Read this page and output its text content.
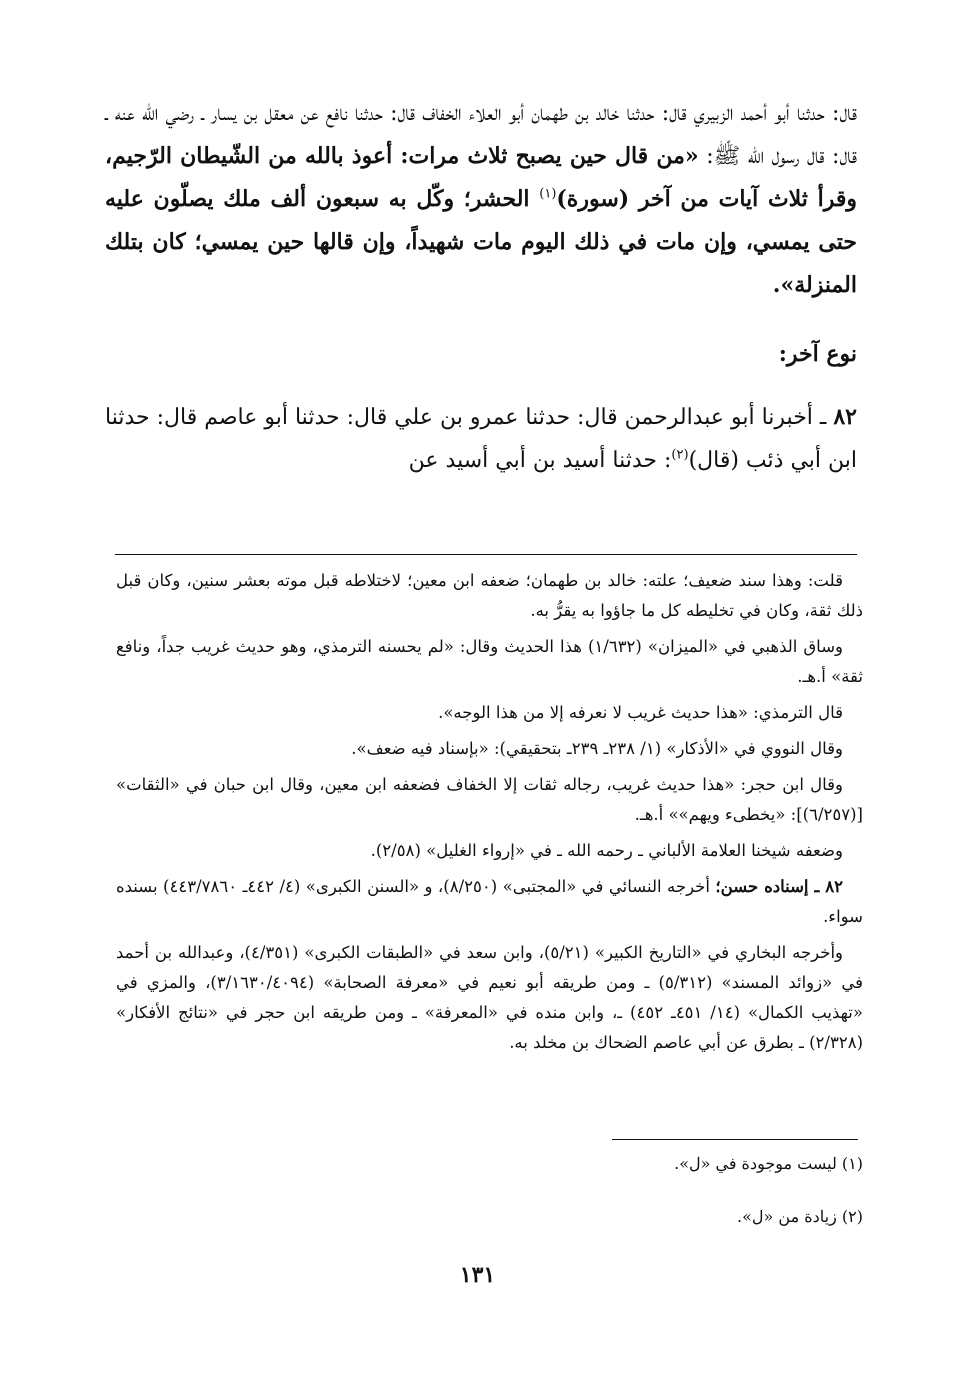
قال: حدثنا أبو أحمد الزبيري قال: حدثنا خالد بن طهمان أبو العلاء الخفاف قال: حدثنا نافع عن معقل بن يسار ـ رضي الله عنه ـ قال: قال رسول الله ﷺ: «من قال حين يصبح ثلاث مرات: أعوذ بالله من الشّيطان الرّجيم، وقرأ ثلاث آيات من آخر (سورة)$^{(١)}$ الحشر؛ وكّل به سبعون ألف ملك يصلّون عليه حتى يمسي، وإن مات في ذلك اليوم مات شهيداً، وإن قالها حين يمسي؛ كان بتلك المنزلة».

نوع آخر:

٨٢ ـ أخبرنا أبو عبدالرحمن قال: حدثنا عمرو بن علي قال: حدثنا أبو عاصم قال: حدثنا ابن أبي ذئب (قال)$^{(٢)}$: حدثنا أسيد بن أبي أسيد عن

قلت: وهذا سند ضعيف؛ علته: خالد بن طهمان؛ ضعفه ابن معين؛ لاختلاطه قبل موته بعشر سنين، وكان قبل ذلك ثقة، وكان في تخليطه كل ما جاؤوا به يقرُّ به.

وساق الذهبي في «الميزان» (١/٦٣٢) هذا الحديث وقال: «لم يحسنه الترمذي، وهو حديث غريب جداً، ونافع ثقة» أ.هـ.

قال الترمذي: «هذا حديث غريب لا نعرفه إلا من هذا الوجه».

وقال النووي في «الأذكار» (١/ ٢٣٨ـ ٢٣٩ـ بتحقيقي): «بإسناد فيه ضعف».

وقال ابن حجر: «هذا حديث غريب، رجاله ثقات إلا الخفاف فضعفه ابن معين، وقال ابن حبان في «الثقات» [(٦/٢٥٧)]: «يخطىء ويهم»» أ.هـ.

وضعفه شيخنا العلامة الألباني ـ رحمه الله ـ في «إرواء الغليل» (٢/٥٨).

٨٢ ـ إسناده حسن؛ أخرجه النسائي في «المجتبى» (٨/٢٥٠)، و «السنن الكبرى» (٤/ ٤٤٢ـ ٤٤٣/٧٨٦٠) بسنده سواء.

وأخرجه البخاري في «التاريخ الكبير» (٥/٢١)، وابن سعد في «الطبقات الكبرى» (٤/٣٥١)، وعبدالله بن أحمد في «زوائد المسند» (٥/٣١٢) ـ ومن طريقه أبو نعيم في «معرفة الصحابة» (٣/١٦٣٠/٤٠٩٤)، والمزي في «تهذيب الكمال» (١٤/ ٤٥١ـ ٤٥٢) ـ، وابن منده في «المعرفة» ـ ومن طريقه ابن حجر في «نتائج الأفكار» (٢/٣٢٨) ـ بطرق عن أبي عاصم الضحاك بن مخلد به.

(١) ليست موجودة في «ل».
(٢) زيادة من «ل».
١٣١
